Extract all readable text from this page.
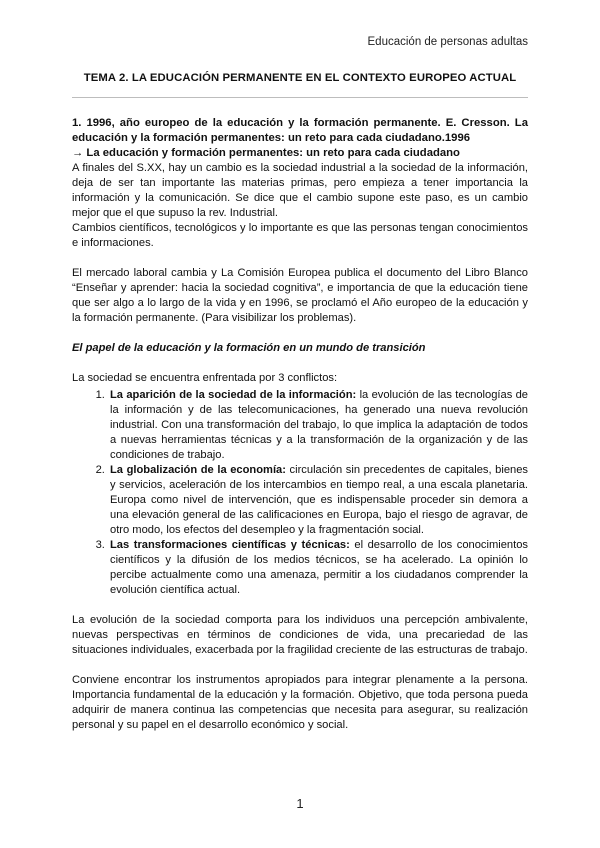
Educación de personas adultas
TEMA 2. LA EDUCACIÓN PERMANENTE EN EL CONTEXTO EUROPEO ACTUAL

1. 1996, año europeo de la educación y la formación permanente. E. Cresson. La educación y la formación permanentes: un reto para cada ciudadano.1996

→ La educación y formación permanentes: un reto para cada ciudadano

A finales del S.XX, hay un cambio es la sociedad industrial a la sociedad de la información, deja de ser tan importante las materias primas, pero empieza a tener importancia la información y la comunicación. Se dice que el cambio supone este paso, es un cambio mejor que el que supuso la rev. Industrial.

Cambios científicos, tecnológicos y lo importante es que las personas tengan conocimientos e informaciones.

El mercado laboral cambia y La Comisión Europea publica el documento del Libro Blanco “Enseñar y aprender: hacia la sociedad cognitiva”, e importancia de que la educación tiene que ser algo a lo largo de la vida y en 1996, se proclamó el Año europeo de la educación y la formación permanente. (Para visibilizar los problemas).

El papel de la educación y la formación en un mundo de transición

La sociedad se encuentra enfrentada por 3 conflictos:

1. La aparición de la sociedad de la información: la evolución de las tecnologías de la información y de las telecomunicaciones, ha generado una nueva revolución industrial. Con una transformación del trabajo, lo que implica la adaptación de todos a nuevas herramientas técnicas y a la transformación de la organización y de las condiciones de trabajo.
2. La globalización de la economía: circulación sin precedentes de capitales, bienes y servicios, aceleración de los intercambios en tiempo real, a una escala planetaria. Europa como nivel de intervención, que es indispensable proceder sin demora a una elevación general de las calificaciones en Europa, bajo el riesgo de agravar, de otro modo, los efectos del desempleo y la fragmentación social.
3. Las transformaciones científicas y técnicas: el desarrollo de los conocimientos científicos y la difusión de los medios técnicos, se ha acelerado. La opinión lo percibe actualmente como una amenaza, permitir a los ciudadanos comprender la evolución científica actual.

La evolución de la sociedad comporta para los individuos una percepción ambivalente, nuevas perspectivas en términos de condiciones de vida, una precariedad de las situaciones individuales, exacerbada por la fragilidad creciente de las estructuras de trabajo.

Conviene encontrar los instrumentos apropiados para integrar plenamente a la persona. Importancia fundamental de la educación y la formación. Objetivo, que toda persona pueda adquirir de manera continua las competencias que necesita para asegurar, su realización personal y su papel en el desarrollo económico y social.

1
